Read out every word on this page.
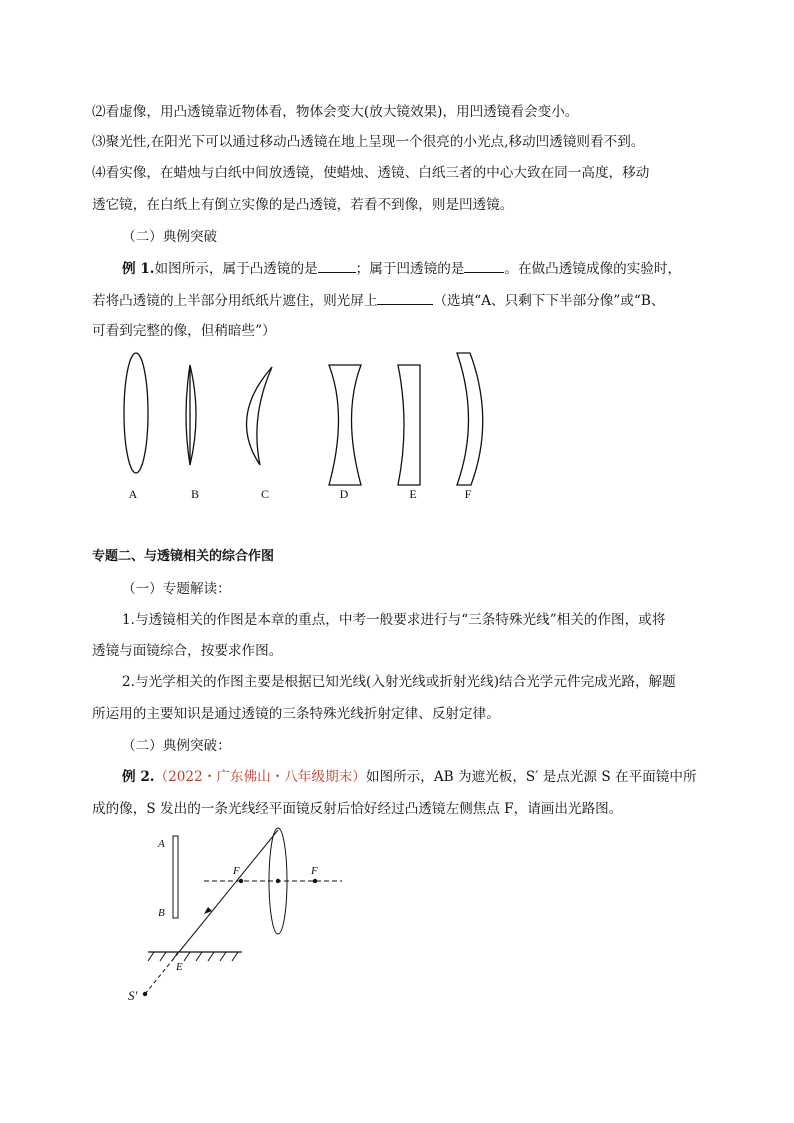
⑵看虚像，用凸透镜靠近物体看，物体会变大(放大镜效果)，用凹透镜看会变小。

⑶聚光性,在阳光下可以通过移动凸透镜在地上呈现一个很亮的小光点,移动凹透镜则看不到。

⑷看实像，在蜡烛与白纸中间放透镜，使蜡烛、透镜、白纸三者的中心大致在同一高度，移动

透它镜，在白纸上有倒立实像的是凸透镜，若看不到像，则是凹透镜。

（二）典例突破

例 1.如图所示，属于凸透镜的是	；属于凹透镜的是	。在做凸透镜成像的实验时，

若将凸透镜的上半部分用纸纸片遮住，则光屏上	（选填“A、只剩下下半部分像”或“B、

可看到完整的像，但稍暗些”）

A	B	C	D	E	F

专题二、与透镜相关的综合作图

（一）专题解读：

1.与透镜相关的作图是本章的重点，中考一般要求进行与“三条特殊光线”相关的作图，或将

透镜与面镜综合，按要求作图。

2.与光学相关的作图主要是根据已知光线(入射光线或折射光线)结合光学元件完成光路，解题

所运用的主要知识是通过透镜的三条特殊光线折射定律、反射定律。

（二）典例突破：

例 2.（2022・广东佛山・八年级期末）如图所示，AB 为遮光板，S′ 是点光源 S 在平面镜中所

成的像，S 发出的一条光线经平面镜反射后恰好经过凸透镜左侧焦点 F，请画出光路图。

A
B
F	F
E
S′
